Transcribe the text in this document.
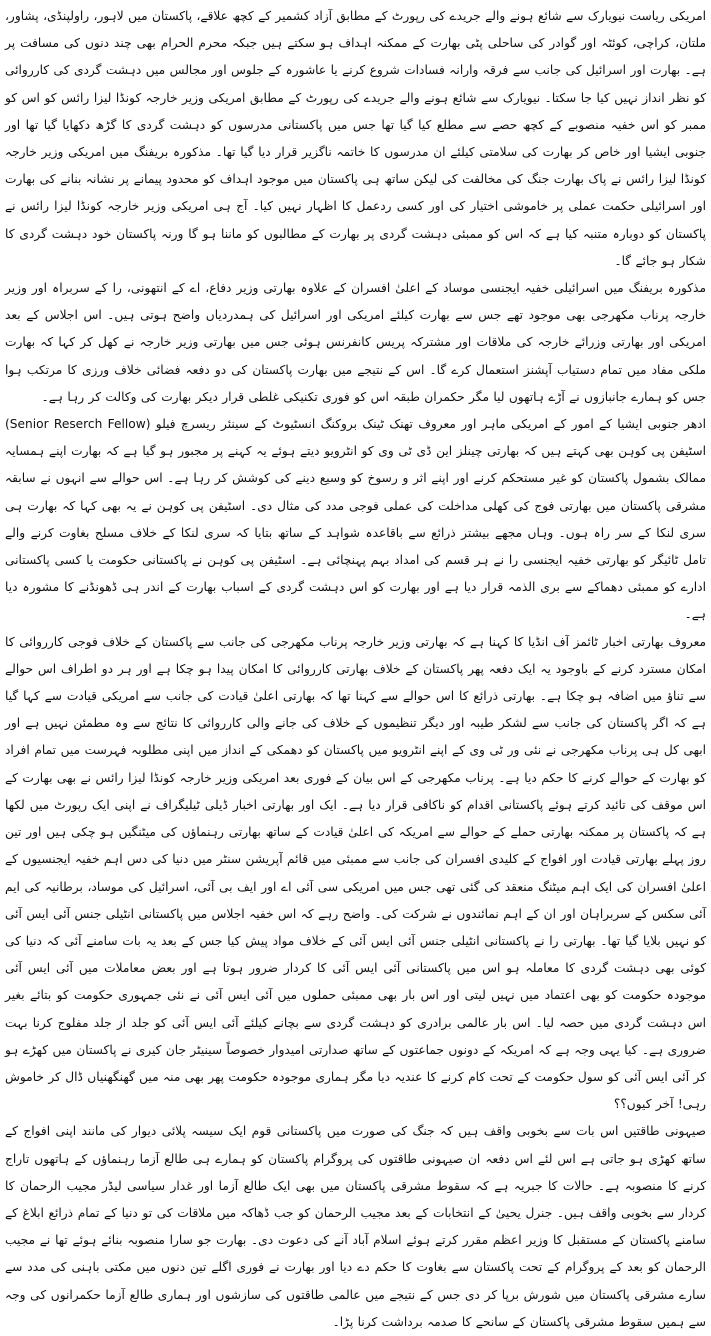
امریکی ریاست نیویارک سے شائع ہونے والے جریدے کی رپورٹ کے مطابق آزاد کشمیر کے کچھ علاقے، پاکستان میں لاہور، راولپنڈی، پشاور، ملتان، کراچی، کوئٹہ اور گوادر کی ساحلی پٹی بھارت کے ممکنہ اہداف ہو سکتے ہیں جبکہ محرم الحرام بھی چند دنوں کی مسافت پر ہے۔ بھارت اور اسرائیل کی جانب سے فرقہ وارانہ فسادات شروع کرنے یا عاشورہ کے جلوس اور مجالس میں دہشت گردی کی کارروائی کو نظر انداز نہیں کیا جا سکتا۔ نیویارک سے شائع ہونے والے جریدے کی رپورٹ کے مطابق امریکی وزیر خارجہ کونڈا لیزا رائس کو اس کو ممبر کو اس خفیہ منصوبے کے کچھ حصے سے مطلع کیا گیا تھا جس میں پاکستانی مدرسوں کو دہشت گردی کا گڑھ دکھایا گیا تھا اور جنوبی ایشیا اور خاص کر بھارت کی سلامتی کیلئے ان مدرسوں کا خاتمہ ناگزیر قرار دیا گیا تھا۔ مذکورہ بریفنگ میں امریکی وزیر خارجہ کونڈا لیزا رائس نے پاک بھارت جنگ کی مخالفت کی لیکن ساتھ ہی پاکستان میں موجود اہداف کو محدود پیمانے پر نشانہ بنانے کی بھارت اور اسرائیلی حکمت عملی پر خاموشی اختیار کی اور کسی ردعمل کا اظہار نہیں کیا۔ آج ہی امریکی وزیر خارجہ کونڈا لیزا رائس نے پاکستان کو دوبارہ متنبہ کیا ہے کہ اس کو ممبئی دہشت گردی پر بھارت کے مطالبوں کو ماننا ہو گا ورنہ پاکستان خود دہشت گردی کا شکار ہو جائے گا۔

مذکورہ بریفنگ میں اسرائیلی خفیہ ایجنسی موساد کے اعلیٰ افسران کے علاوہ بھارتی وزیر دفاع، اے کے انتھونی، را کے سربراہ اور وزیر خارجہ پرناب مکھرجی بھی موجود تھے جس سے بھارت کیلئے امریکی اور اسرائیل کی ہمدردیاں واضح ہوتی ہیں۔ اس اجلاس کے بعد امریکی اور بھارتی وزرائے خارجہ کی ملاقات اور مشترکہ پریس کانفرنس ہوئی جس میں بھارتی وزیر خارجہ نے کھل کر کہا کہ بھارت ملکی مفاد میں تمام دستیاب آپشنز استعمال کرے گا۔ اس کے نتیجے میں بھارت پاکستان کی دو دفعہ فضائی خلاف ورزی کا مرتکب ہوا جس کو ہمارے جانبازوں نے آڑے ہاتھوں لیا مگر حکمران طبقہ اس کو فوری تکنیکی غلطی قرار دیکر بھارت کی وکالت کر رہا ہے۔

ادھر جنوبی ایشیا کے امور کے امریکی ماہر اور معروف تھنک ٹینک بروکنگ انسٹیوٹ کے سینئر ریسرچ فیلو (Senior Reserch Fellow) اسٹیفن پی کوہن بھی کہتے ہیں کہ بھارتی چینلز این ڈی ٹی وی کو انٹرویو دیتے ہوئے یہ کہنے پر مجبور ہو گیا ہے کہ بھارت اپنے ہمسایہ ممالک بشمول پاکستان کو غیر مستحکم کرنے اور اپنے اثر و رسوخ کو وسیع دینے کی کوشش کر رہا ہے۔ اس حوالے سے انہوں نے سابقہ مشرقی پاکستان میں بھارتی فوج کی کھلی مداخلت کی عملی فوجی مدد کی مثال دی۔ اسٹیفن پی کوہن نے یہ بھی کہا کہ بھارت ہی سری لنکا کے سر راہ ہوں۔ وہاں مجھے بیشتر ذرائع سے باقاعدہ شواہد کے ساتھ بتایا کہ سری لنکا کے خلاف مسلح بغاوت کرنے والے تامل ٹائیگر کو بھارتی خفیہ ایجنسی را نے ہر قسم کی امداد بہم پہنچائی ہے۔ اسٹیفن پی کوہن نے پاکستانی حکومت یا کسی پاکستانی ادارے کو ممبئی دھماکے سے بری الذمہ قرار دیا ہے اور بھارت کو اس دہشت گردی کے اسباب بھارت کے اندر ہی ڈھونڈنے کا مشورہ دیا ہے۔

معروف بھارتی اخبار ٹائمز آف انڈیا کا کہنا ہے کہ بھارتی وزیر خارجہ پرناب مکھرجی کی جانب سے پاکستان کے خلاف فوجی کارروائی کا امکان مسترد کرنے کے باوجود یہ ایک دفعہ پھر پاکستان کے خلاف بھارتی کارروائی کا امکان پیدا ہو چکا ہے اور ہر دو اطراف اس حوالے سے تناؤ میں اضافہ ہو چکا ہے۔ بھارتی ذرائع کا اس حوالے سے کہنا تھا کہ بھارتی اعلیٰ قیادت کی جانب سے امریکی قیادت سے کہا گیا ہے کہ اگر پاکستان کی جانب سے لشکر طیبہ اور دیگر تنظیموں کے خلاف کی جانے والی کارروائی کا نتائج سے وہ مطمئن نہیں ہے اور ابھی کل ہی پرناب مکھرجی نے نئی ور ٹی وی کے اپنے انٹرویو میں پاکستان کو دھمکی کے انداز میں اپنی مطلوبہ فہرست میں تمام افراد کو بھارت کے حوالے کرنے کا حکم دیا ہے۔ پرناب مکھرجی کے اس بیان کے فوری بعد امریکی وزیر خارجہ کونڈا لیزا رائس نے بھی بھارت کے اس موقف کی تائید کرتے ہوئے پاکستانی اقدام کو ناکافی قرار دیا ہے۔ ایک اور بھارتی اخبار ڈیلی ٹیلیگراف نے اپنی ایک رپورٹ میں لکھا ہے کہ پاکستان پر ممکنہ بھارتی حملے کے حوالے سے امریکہ کی اعلیٰ قیادت کے ساتھ بھارتی رہنماؤں کی میٹنگیں ہو چکی ہیں اور تین روز پہلے بھارتی قیادت اور افواج کے کلیدی افسران کی جانب سے ممبئی میں قائم آپریشن سنٹر میں دنیا کی دس اہم خفیہ ایجنسیوں کے اعلیٰ افسران کی ایک اہم میٹنگ منعقد کی گئی تھی جس میں امریکی سی آئی اے اور ایف بی آئی، اسرائیل کی موساد، برطانیہ کی ایم آئی سکس کے سربراہان اور ان کے اہم نمائندوں نے شرکت کی۔ واضح رہے کہ اس خفیہ اجلاس میں پاکستانی انٹیلی جنس آئی ایس آئی کو نہیں بلایا گیا تھا۔ بھارتی را نے پاکستانی انٹیلی جنس آئی ایس آئی کے خلاف مواد پیش کیا جس کے بعد یہ بات سامنے آئی کہ دنیا کی کوئی بھی دہشت گردی کا معاملہ ہو اس میں پاکستانی آئی ایس آئی کا کردار ضرور ہوتا ہے اور بعض معاملات میں آئی ایس آئی موجودہ حکومت کو بھی اعتماد میں نہیں لیتی اور اس بار بھی ممبئی حملوں میں آئی ایس آئی نے نئی جمہوری حکومت کو بتائے بغیر اس دہشت گردی میں حصہ لیا۔ اس بار عالمی برادری کو دہشت گردی سے بچانے کیلئے آئی ایس آئی کو جلد از جلد مفلوج کرنا بہت ضروری ہے۔ کیا یہی وجہ ہے کہ امریکہ کے دونوں جماعتوں کے ساتھ صدارتی امیدوار خصوصاً سینیٹر جان کیری نے پاکستان میں کھڑے ہو کر آئی ایس آئی کو سول حکومت کے تحت کام کرنے کا عندیہ دیا مگر ہماری موجودہ حکومت پھر بھی منہ میں گھنگھنیاں ڈال کر خاموش رہی! آخر کیوں؟؟

صیہونی طاقتیں اس بات سے بخوبی واقف ہیں کہ جنگ کی صورت میں پاکستانی قوم ایک سیسہ پلائی دیوار کی مانند اپنی افواج کے ساتھ کھڑی ہو جاتی ہے اس لئے اس دفعہ ان صیہونی طاقتوں کی پروگرام پاکستان کو ہمارے ہی طالع آزما رہنماؤں کے ہاتھوں تاراج کرنے کا منصوبہ ہے۔ حالات کا جبریہ ہے کہ سقوط مشرقی پاکستان میں بھی ایک طالع آزما اور غدار سیاسی لیڈر مجیب الرحمان کا کردار سے بخوبی واقف ہیں۔ جنرل یحییٰ کے انتخابات کے بعد مجیب الرحمان کو جب ڈھاکہ میں ملاقات کی تو دنیا کے تمام ذرائع ابلاغ کے سامنے پاکستان کے مستقبل کا وزیر اعظم مقرر کرتے ہوئے اسلام آباد آنے کی دعوت دی۔ بھارت جو سارا منصوبہ بنائے ہوئے تھا نے مجیب الرحمان کو بعد کے پروگرام کے تحت پاکستان سے بغاوت کا حکم دے دیا اور بھارت نے فوری اگلے تین دنوں میں مکتی باہنی کی مدد سے سارے مشرقی پاکستان میں شورش برپا کر دی جس کے نتیجے میں عالمی طاقتوں کی سازشوں اور ہماری طالع آزما حکمرانوں کی وجہ سے ہمیں سقوط مشرقی پاکستان کے سانحے کا صدمہ برداشت کرنا پڑا۔
